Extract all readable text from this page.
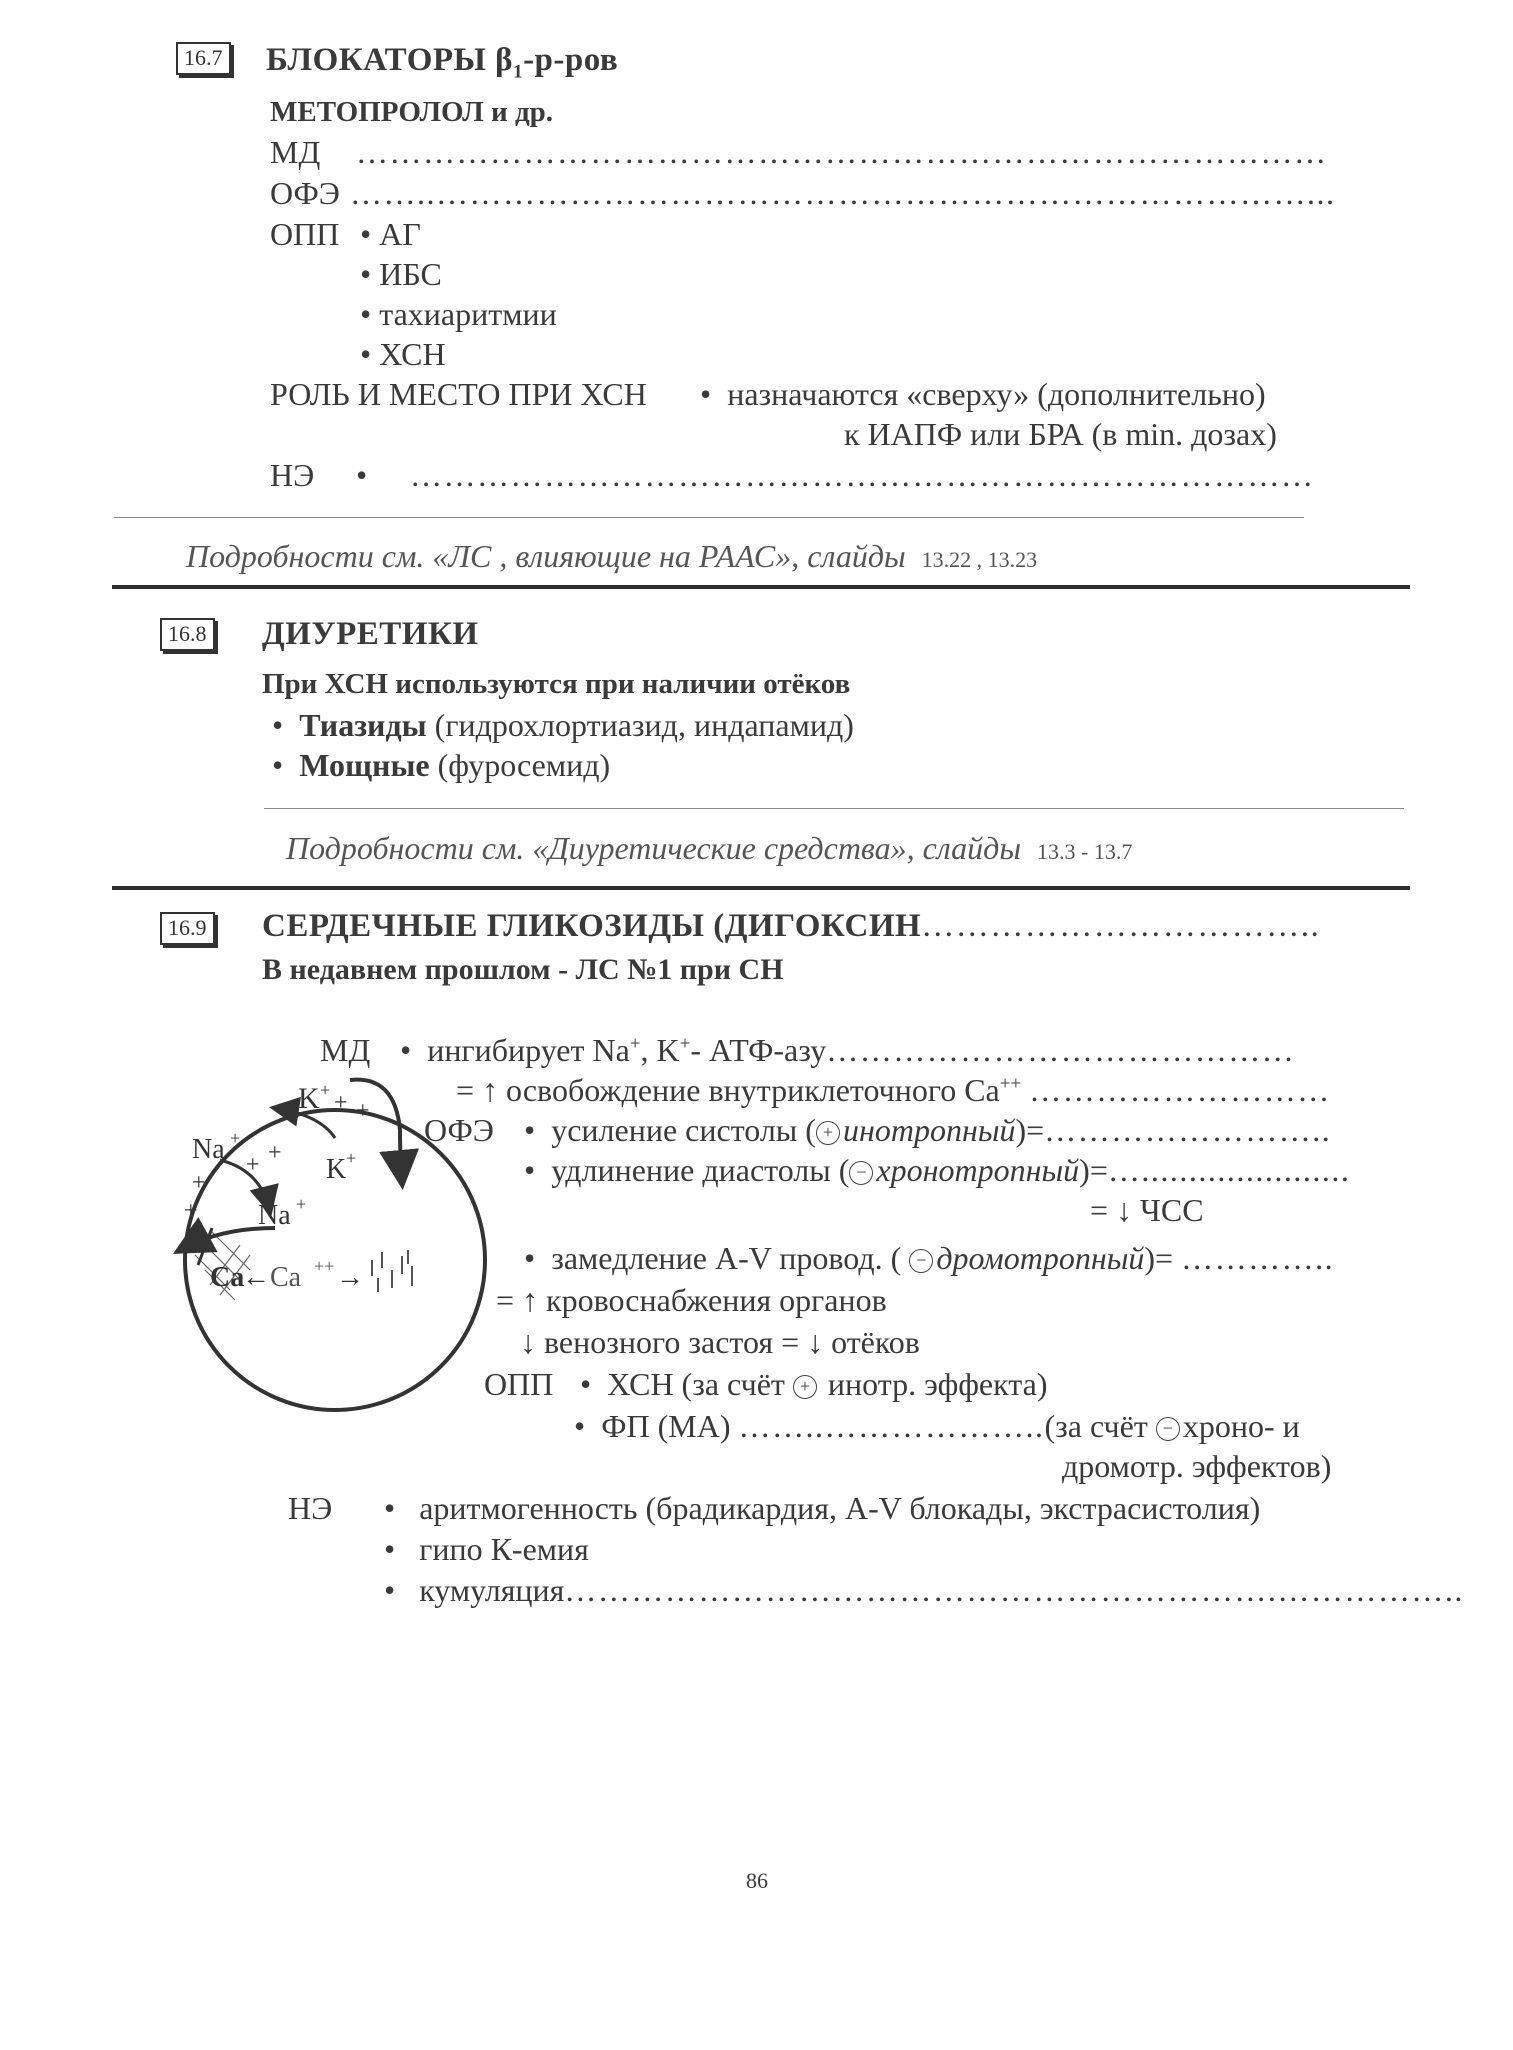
16.7 БЛОКАТОРЫ $\beta_1-р$-ров
МЕТОПРОЛОЛ и др.
МД ……………………………………………………………………………
ОФЭ ……..……………………………………………………………………...
ОПП • АГ
• ИБС
• тахиаритмии
• ХСН
РОЛЬ И МЕСТО ПРИ ХСН •  назначаются «сверху» (дополнительно)
к ИАПФ или БРА (в min. дозах)
НЭ • ………………………………………………………………………
Подробности см. «ЛС , влияющие на РААС», слайды 13.22 , 13.23
16.8 ДИУРЕТИКИ
При ХСН используются при наличии отёков
•  Тиазиды (гидрохлортиазид, индапамид)
•  Мощные (фуросемид)
Подробности см. «Диуретические средства», слайды 13.3 - 13.7
16.9 СЕРДЕЧНЫЕ ГЛИКОЗИДЫ (ДИГОКСИН……………………………..
В недавнем прошлом - ЛС №1 при СН
МД •  ингибирует Na+, K+- АТФ-азу……………………………………
= ↑ освобождение внутриклеточного Ca++ ………………………
ОФЭ •  усиление систолы ( + инотропный)=……………………..
•  удлинение диастолы ( − хронотропный)=…......................
= ↓ ЧСС
•  замедление A-V провод. ( − дромотропный)= …………..
= ↑ кровоснабжения органов
↓ венозного застоя = ↓ отёков
ОПП •  ХСН (за счёт + инотр. эффекта)
•  ФП (МА) ……..………………..(за счёт − хроно- и
дромотр. эффектов)
НЭ •   аритмогенность (брадикардия, A-V блокады, экстрасистолия)
•   гипо К-емия
•   кумуляция……………………………………………………….……………..
Ca
← Ca ++ →
K + + +
Na +
+ +
+
+
K +
Na +
86
